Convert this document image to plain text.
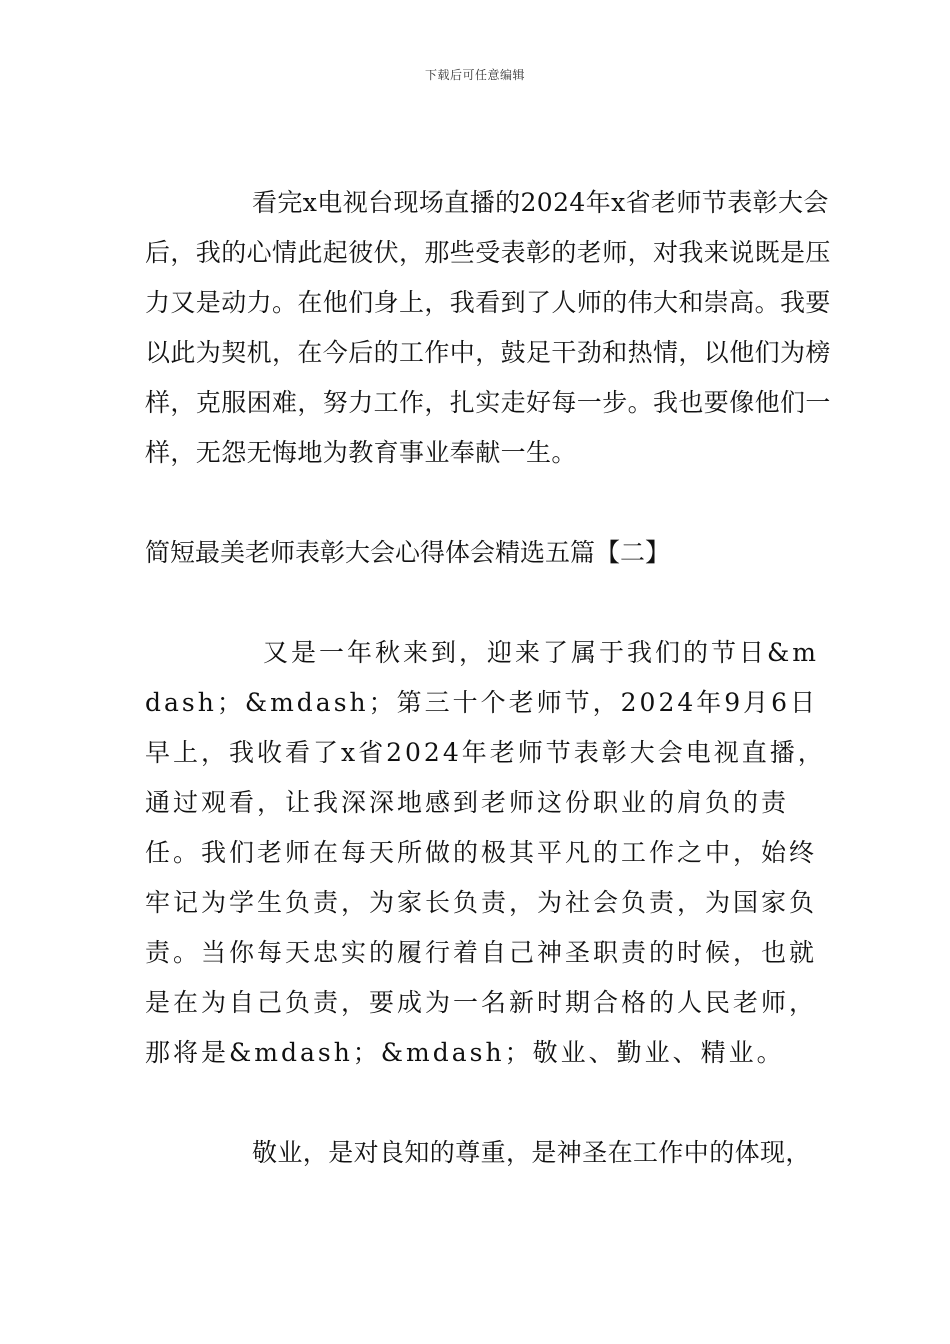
下载后可任意编辑

看完x电视台现场直播的2024年x省老师节表彰大会后，我的心情此起彼伏，那些受表彰的老师，对我来说既是压力又是动力。在他们身上，我看到了人师的伟大和崇高。我要以此为契机，在今后的工作中，鼓足干劲和热情，以他们为榜样，克服困难，努力工作，扎实走好每一步。我也要像他们一样，无怨无悔地为教育事业奉献一生。

简短最美老师表彰大会心得体会精选五篇【二】

又是一年秋来到，迎来了属于我们的节日&mdash；&mdash；第三十个老师节，2024年9月6日早上，我收看了x省2024年老师节表彰大会电视直播，通过观看，让我深深地感到老师这份职业的肩负的责任。我们老师在每天所做的极其平凡的工作之中，始终牢记为学生负责，为家长负责，为社会负责，为国家负责。当你每天忠实的履行着自己神圣职责的时候，也就是在为自己负责，要成为一名新时期合格的人民老师，那将是&mdash；&mdash；敬业、勤业、精业。

敬业，是对良知的尊重，是神圣在工作中的体现，
